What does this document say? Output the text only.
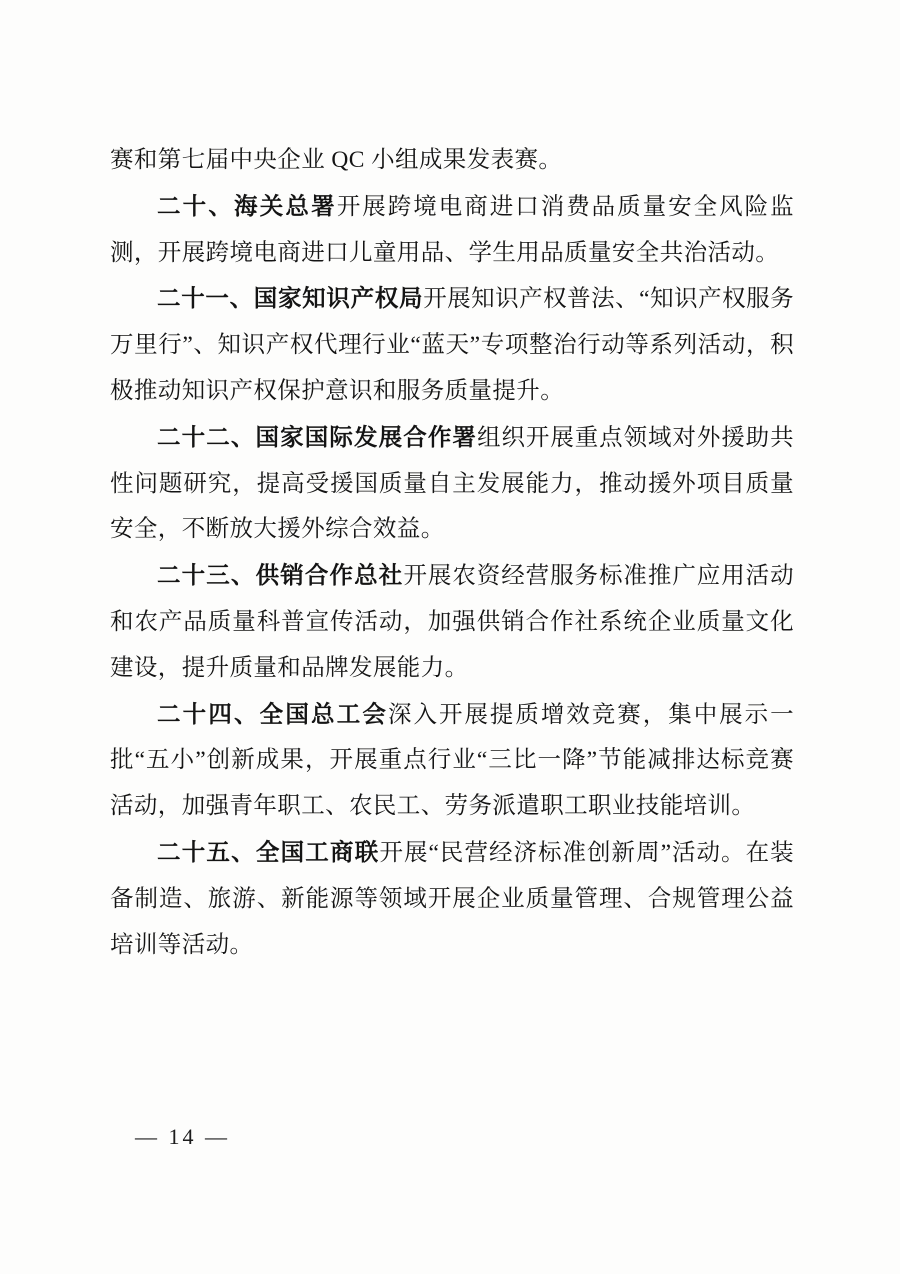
赛和第七届中央企业 QC 小组成果发表赛。

二十、海关总署开展跨境电商进口消费品质量安全风险监测，开展跨境电商进口儿童用品、学生用品质量安全共治活动。

二十一、国家知识产权局开展知识产权普法、“知识产权服务万里行”、知识产权代理行业“蓝天”专项整治行动等系列活动，积极推动知识产权保护意识和服务质量提升。

二十二、国家国际发展合作署组织开展重点领域对外援助共性问题研究，提高受援国质量自主发展能力，推动援外项目质量安全，不断放大援外综合效益。

二十三、供销合作总社开展农资经营服务标准推广应用活动和农产品质量科普宣传活动，加强供销合作社系统企业质量文化建设，提升质量和品牌发展能力。

二十四、全国总工会深入开展提质增效竞赛，集中展示一批“五小”创新成果，开展重点行业“三比一降”节能减排达标竞赛活动，加强青年职工、农民工、劳务派遣职工职业技能培训。

二十五、全国工商联开展“民营经济标准创新周”活动。在装备制造、旅游、新能源等领域开展企业质量管理、合规管理公益培训等活动。

— 14 —
